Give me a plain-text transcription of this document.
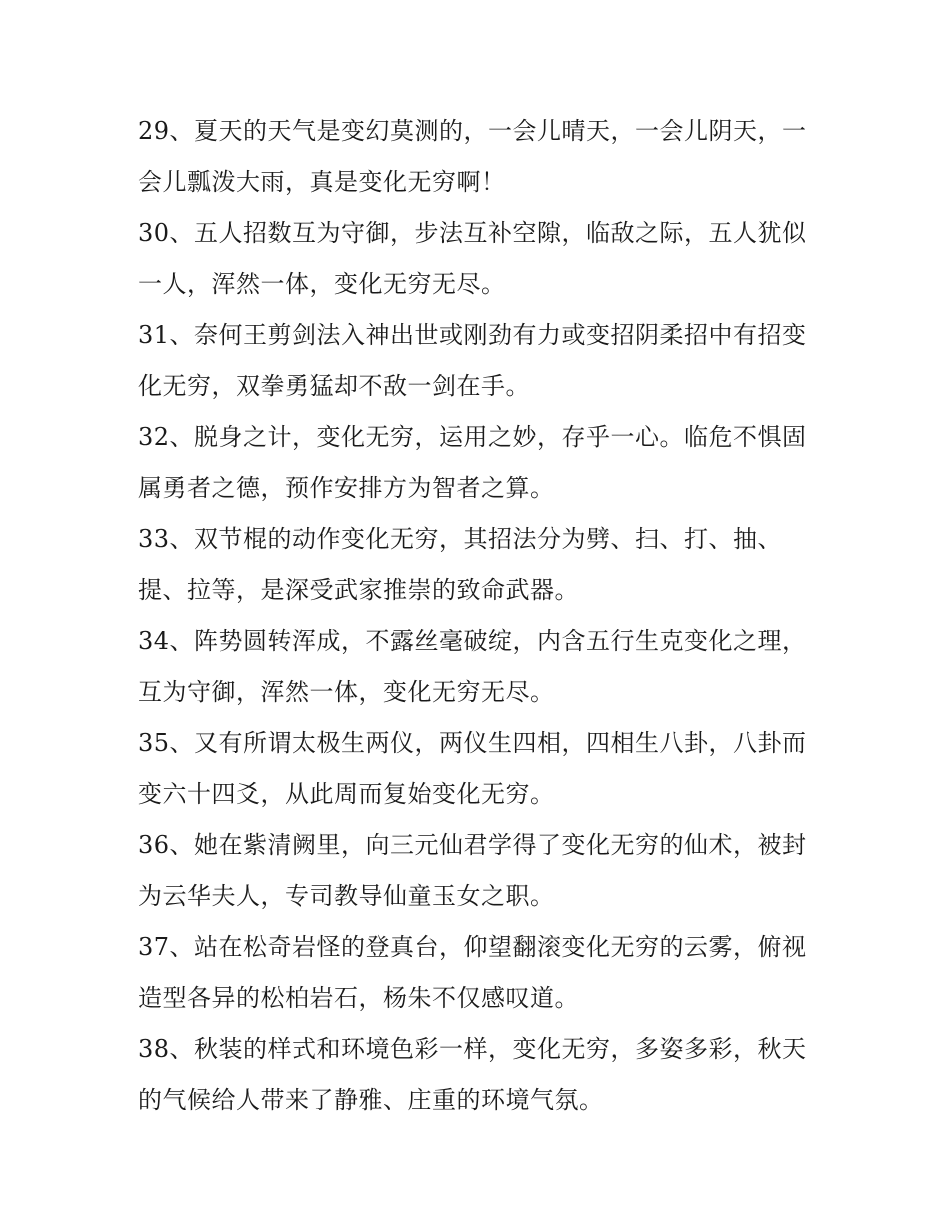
29、夏天的天气是变幻莫测的，一会儿晴天，一会儿阴天，一
会儿瓢泼大雨，真是变化无穷啊！

30、五人招数互为守御，步法互补空隙，临敌之际，五人犹似
一人，浑然一体，变化无穷无尽。

31、奈何王剪剑法入神出世或刚劲有力或变招阴柔招中有招变
化无穷，双拳勇猛却不敌一剑在手。

32、脱身之计，变化无穷，运用之妙，存乎一心。临危不惧固
属勇者之德，预作安排方为智者之算。

33、双节棍的动作变化无穷，其招法分为劈、扫、打、抽、
提、拉等，是深受武家推崇的致命武器。

34、阵势圆转浑成，不露丝毫破绽，内含五行生克变化之理，
互为守御，浑然一体，变化无穷无尽。

35、又有所谓太极生两仪，两仪生四相，四相生八卦，八卦而
变六十四爻，从此周而复始变化无穷。

36、她在紫清阙里，向三元仙君学得了变化无穷的仙术，被封
为云华夫人，专司教导仙童玉女之职。

37、站在松奇岩怪的登真台，仰望翻滚变化无穷的云雾，俯视
造型各异的松柏岩石，杨朱不仅感叹道。

38、秋装的样式和环境色彩一样，变化无穷，多姿多彩，秋天
的气候给人带来了静雅、庄重的环境气氛。
